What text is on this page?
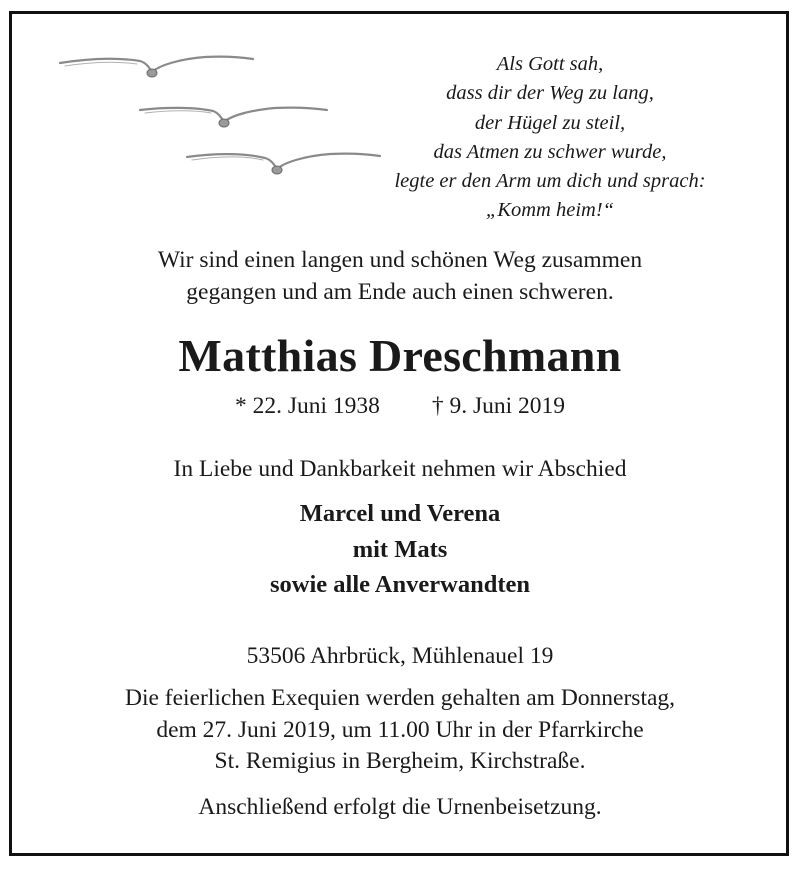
Als Gott sah,
dass dir der Weg zu lang,
der Hügel zu steil,
das Atmen zu schwer wurde,
legte er den Arm um dich und sprach:
„Komm heim!“
Wir sind einen langen und schönen Weg zusammen
gegangen und am Ende auch einen schweren.
Matthias Dreschmann
* 22. Juni 1938 † 9. Juni 2019
In Liebe und Dankbarkeit nehmen wir Abschied
Marcel und Verena
mit Mats
sowie alle Anverwandten
53506 Ahrbrück, Mühlenauel 19
Die feierlichen Exequien werden gehalten am Donnerstag,
dem 27. Juni 2019, um 11.00 Uhr in der Pfarrkirche
St. Remigius in Bergheim, Kirchstraße.
Anschließend erfolgt die Urnenbeisetzung.
